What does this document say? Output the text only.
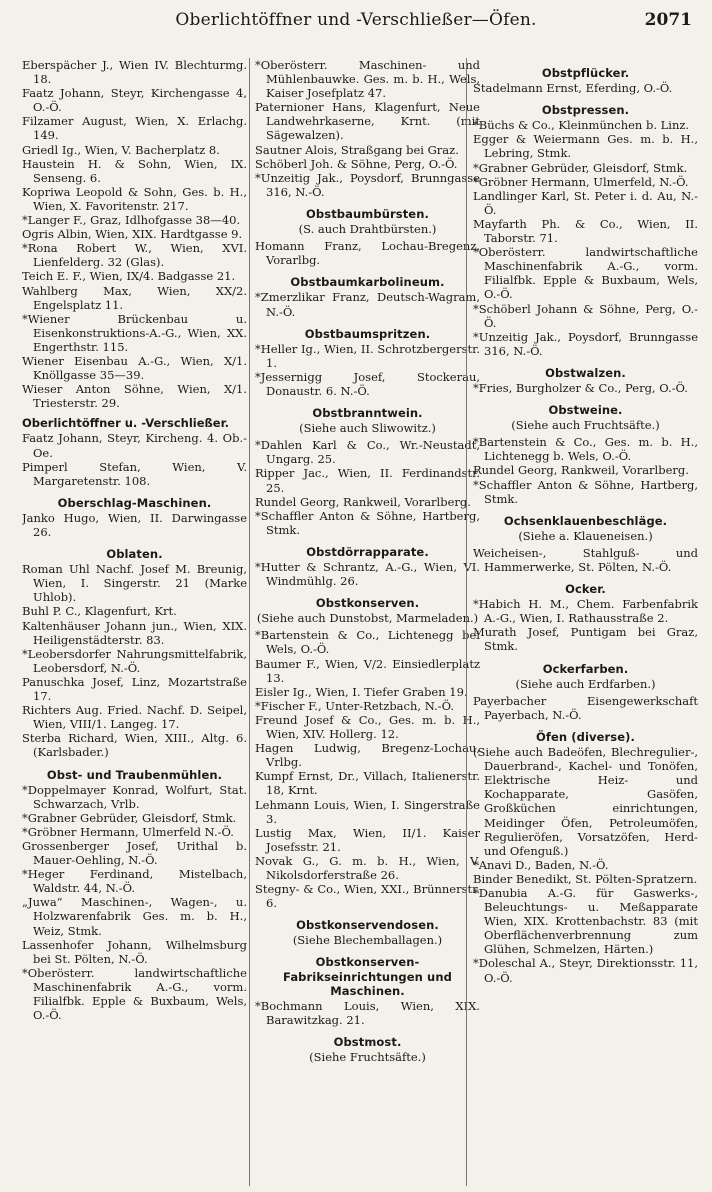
Oberlichtöffner und -Verschließer—Öfen.	2071
Eberspächer J., Wien IV. Blechturmg. 18.
Faatz Johann, Steyr, Kirchengasse 4, O.-Ö.
Filzamer August, Wien, X. Erlachg. 149.
Griedl Ig., Wien, V. Bacherplatz 8.
Haustein H. & Sohn, Wien, IX. Senseng. 6.
Kopriwa Leopold & Sohn, Ges. b. H., Wien, X. Favoritenstr. 217.
*Langer F., Graz, Idlhofgasse 38—40.
Ogris Albin, Wien, XIX. Hardtgasse 9.
*Rona Robert W., Wien, XVI. Lienfelderg. 32 (Glas).
Teich E. F., Wien, IX/4. Badgasse 21.
Wahlberg Max, Wien, XX/2. Engelsplatz 11.
*Wiener Brückenbau u. Eisenkonstruktions-A.-G., Wien, XX. Engerthstr. 115.
Wiener Eisenbau A.-G., Wien, X/1. Knöllgasse 35—39.
Wieser Anton Söhne, Wien, X/1. Triesterstr. 29.
Oberlichtöffner u. -Verschließer.
Faatz Johann, Steyr, Kircheng. 4. Ob.-Oe.
Pimperl Stefan, Wien, V. Margaretenstr. 108.
Oberschlag-Maschinen.
Janko Hugo, Wien, II. Darwingasse 26.
Oblaten.
Roman Uhl Nachf. Josef M. Breunig, Wien, I. Singerstr. 21 (Marke Uhlob).
Buhl P. C., Klagenfurt, Krt.
Kaltenhäuser Johann jun., Wien, XIX. Heiligenstädterstr. 83.
*Leobersdorfer Nahrungsmittelfabrik, Leobersdorf, N.-Ö.
Panuschka Josef, Linz, Mozartstraße 17.
Richters Aug. Fried. Nachf. D. Seipel, Wien, VIII/1. Langeg. 17.
Sterba Richard, Wien, XIII., Altg. 6. (Karlsbader.)
Obst- und Traubenmühlen.
*Doppelmayer Konrad, Wolfurt, Stat. Schwarzach, Vrlb.
*Grabner Gebrüder, Gleisdorf, Stmk.
*Gröbner Hermann, Ulmerfeld N.-Ö.
Grossenberger Josef, Urithal b. Mauer-Oehling, N.-Ö.
*Heger Ferdinand, Mistelbach, Waldstr. 44, N.-Ö.
„Juwa“ Maschinen-, Wagen-, u. Holzwarenfabrik Ges. m. b. H., Weiz, Stmk.
Lassenhofer Johann, Wilhelmsburg bei St. Pölten, N.-Ö.
*Oberösterr. landwirtschaftliche Maschinenfabrik A.-G., vorm. Filialfbk. Epple & Buxbaum, Wels, O.-Ö.
*Oberösterr. Maschinen- und Mühlenbauwke. Ges. m. b. H., Wels, Kaiser Josefplatz 47.
Paternioner Hans, Klagenfurt, Neue Landwehrkaserne, Krnt. (mit Sägewalzen).
Sautner Alois, Straßgang bei Graz.
Schöberl Joh. & Söhne, Perg, O.-Ö.
*Unzeitig Jak., Poysdorf, Brunngasse 316, N.-Ö.
Obstbaumbürsten.
(S. auch Drahtbürsten.)
Homann Franz, Lochau-Bregenz, Vorarlbg.
Obstbaumkarbolineum.
*Zmerzlikar Franz, Deutsch-Wagram, N.-Ö.
Obstbaumspritzen.
*Heller Ig., Wien, II. Schrotzbergerstr. 1.
*Jessernigg Josef, Stockerau, Donaustr. 6. N.-Ö.
Obstbranntwein.
(Siehe auch Sliwowitz.)
*Dahlen Karl & Co., Wr.-Neustadt, Ungarg. 25.
Ripper Jac., Wien, II. Ferdinandstr. 25.
Rundel Georg, Rankweil, Vorarlberg.
*Schaffler Anton & Söhne, Hartberg, Stmk.
Obstdörrapparate.
*Hutter & Schrantz, A.-G., Wien, VI. Windmühlg. 26.
Obstkonserven.
(Siehe auch Dunstobst, Marmeladen.)
*Bartenstein & Co., Lichtenegg bei Wels, O.-Ö.
Baumer F., Wien, V/2. Einsiedlerplatz 13.
Eisler Ig., Wien, I. Tiefer Graben 19.
*Fischer F., Unter-Retzbach, N.-Ö.
Freund Josef & Co., Ges. m. b. H., Wien, XIV. Hollerg. 12.
Hagen Ludwig, Bregenz-Lochau, Vrlbg.
Kumpf Ernst, Dr., Villach, Italienerstr. 18, Krnt.
Lehmann Louis, Wien, I. Singerstraße 3.
Lustig Max, Wien, II/1. Kaiser Josefsstr. 21.
Novak G., G. m. b. H., Wien, V. Nikolsdorferstraße 26.
Stegny- & Co., Wien, XXI., Brünnerstr. 6.
Obstkonservendosen.
(Siehe Blechemballagen.)
Obstkonserven-Fabrikseinrichtungen und Maschinen.
*Bochmann Louis, Wien, XIX. Barawitzkag. 21.
Obstmost.
(Siehe Fruchtsäfte.)
Obstpflücker.
Stadelmann Ernst, Eferding, O.-Ö.
Obstpressen.
*Büchs & Co., Kleinmünchen b. Linz.
Egger & Weiermann Ges. m. b. H., Lebring, Stmk.
*Grabner Gebrüder, Gleisdorf, Stmk.
*Gröbner Hermann, Ulmerfeld, N.-Ö.
Landlinger Karl, St. Peter i. d. Au, N.-Ö.
Mayfarth Ph. & Co., Wien, II. Taborstr. 71.
*Oberösterr. landwirtschaftliche Maschinenfabrik A.-G., vorm. Filialfbk. Epple & Buxbaum, Wels, O.-Ö.
*Schöberl Johann & Söhne, Perg, O.-Ö.
*Unzeitig Jak., Poysdorf, Brunngasse 316, N.-Ö.
Obstwalzen.
*Fries, Burgholzer & Co., Perg, O.-Ö.
Obstweine.
(Siehe auch Fruchtsäfte.)
*Bartenstein & Co., Ges. m. b. H., Lichtenegg b. Wels, O.-Ö.
Rundel Georg, Rankweil, Vorarlberg.
*Schaffler Anton & Söhne, Hartberg, Stmk.
Ochsenklauenbeschläge.
(Siehe a. Klaueneisen.)
Weicheisen-, Stahlguß- und Hammerwerke, St. Pölten, N.-Ö.
Ocker.
*Habich H. M., Chem. Farbenfabrik A.-G., Wien, I. Rathausstraße 2.
Murath Josef, Puntigam bei Graz, Stmk.
Ockerfarben.
(Siehe auch Erdfarben.)
Payerbacher Eisengewerkschaft Payerbach, N.-Ö.
Öfen (diverse).
(Siehe auch Badeöfen, Blechregulier-, Dauerbrand-, Kachel- und Tonöfen, Elektrische Heiz- und Kochapparate, Gasöfen, Großküchen einrichtungen, Meidinger Öfen, Petroleumöfen, Regulieröfen, Vorsatzöfen, Herd- und Ofenguß.)
*Anavi D., Baden, N.-Ö.
Binder Benedikt, St. Pölten-Spratzern.
*Danubia A.-G. für Gaswerks-, Beleuchtungs- u. Meßapparate Wien, XIX. Krottenbachstr. 83 (mit Oberflächenverbrennung zum Glühen, Schmelzen, Härten.)
*Doleschal A., Steyr, Direktionsstr. 11, O.-Ö.
